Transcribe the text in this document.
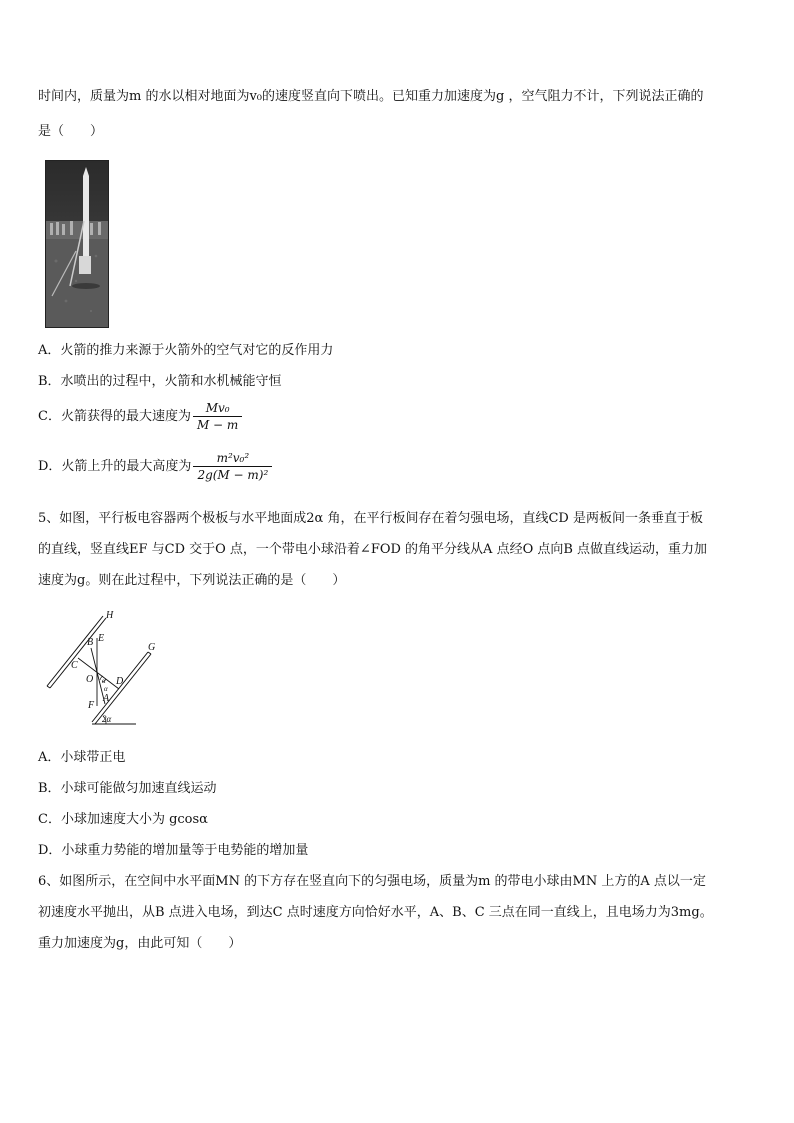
时间内，质量为m 的水以相对地面为v₀的速度竖直向下喷出。已知重力加速度为g ，空气阻力不计，下列说法正确的
是（　　）
A．火箭的推力来源于火箭外的空气对它的反作用力
B．水喷出的过程中，火箭和水机械能守恒
C．火箭获得的最大速度为 $\frac{\text{Mv₀}}{M - m}$
D．火箭上升的最大高度为 $\frac{\text{m²v₀²}}{\text{2g(M − m)²}}$
5、如图，平行板电容器两个极板与水平地面成2α 角，在平行板间存在着匀强电场，直线CD 是两板间一条垂直于板
的直线，竖直线EF 与CD 交于O 点，一个带电小球沿着∠FOD 的角平分线从A 点经O 点向B 点做直线运动，重力加
速度为g。则在此过程中，下列说法正确的是（　　）
H
G
B E
C
O D
α
α
A
F
2α
A．小球带正电
B．小球可能做匀加速直线运动
C．小球加速度大小为 gcosα
D．小球重力势能的增加量等于电势能的增加量
6、如图所示，在空间中水平面MN 的下方存在竖直向下的匀强电场，质量为m 的带电小球由MN 上方的A 点以一定
初速度水平抛出，从B 点进入电场，到达C 点时速度方向恰好水平，A、B、C 三点在同一直线上，且电场力为3mg。
重力加速度为g，由此可知（　　）
